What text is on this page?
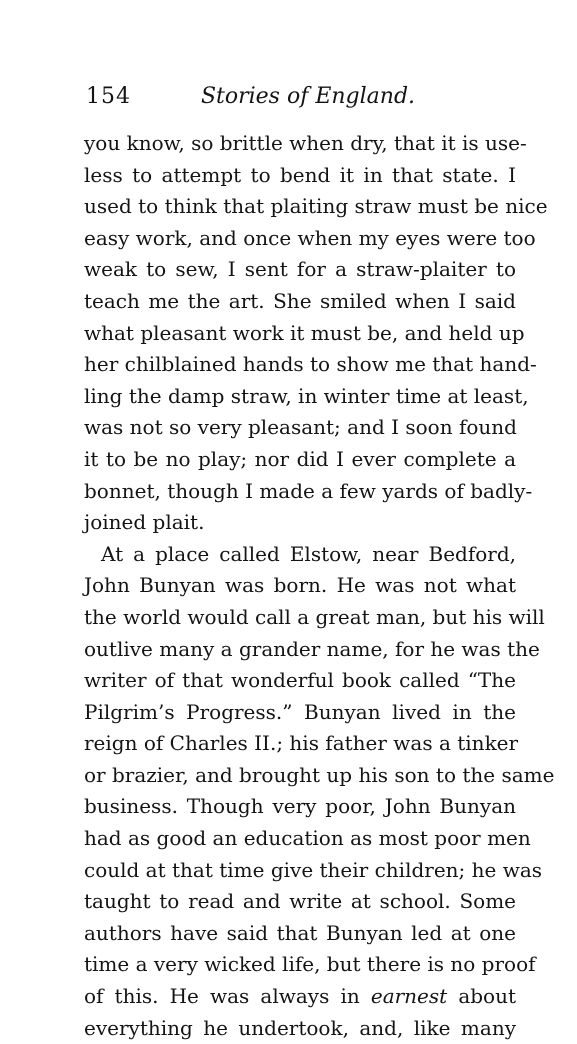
154	Stories of England.
you know, so brittle when dry, that it is use-
less to attempt to bend it in that state. I
used to think that plaiting straw must be nice
easy work, and once when my eyes were too
weak to sew, I sent for a straw-plaiter to
teach me the art. She smiled when I said
what pleasant work it must be, and held up
her chilblained hands to show me that hand-
ling the damp straw, in winter time at least,
was not so very pleasant; and I soon found
it to be no play; nor did I ever complete a
bonnet, though I made a few yards of badly-
joined plait.
At a place called Elstow, near Bedford,
John Bunyan was born. He was not what
the world would call a great man, but his will
outlive many a grander name, for he was the
writer of that wonderful book called “The
Pilgrim’s Progress.” Bunyan lived in the
reign of Charles II.; his father was a tinker
or brazier, and brought up his son to the same
business. Though very poor, John Bunyan
had as good an education as most poor men
could at that time give their children; he was
taught to read and write at school. Some
authors have said that Bunyan led at one
time a very wicked life, but there is no proof
of this. He was always in earnest about
everything he undertook, and, like many
